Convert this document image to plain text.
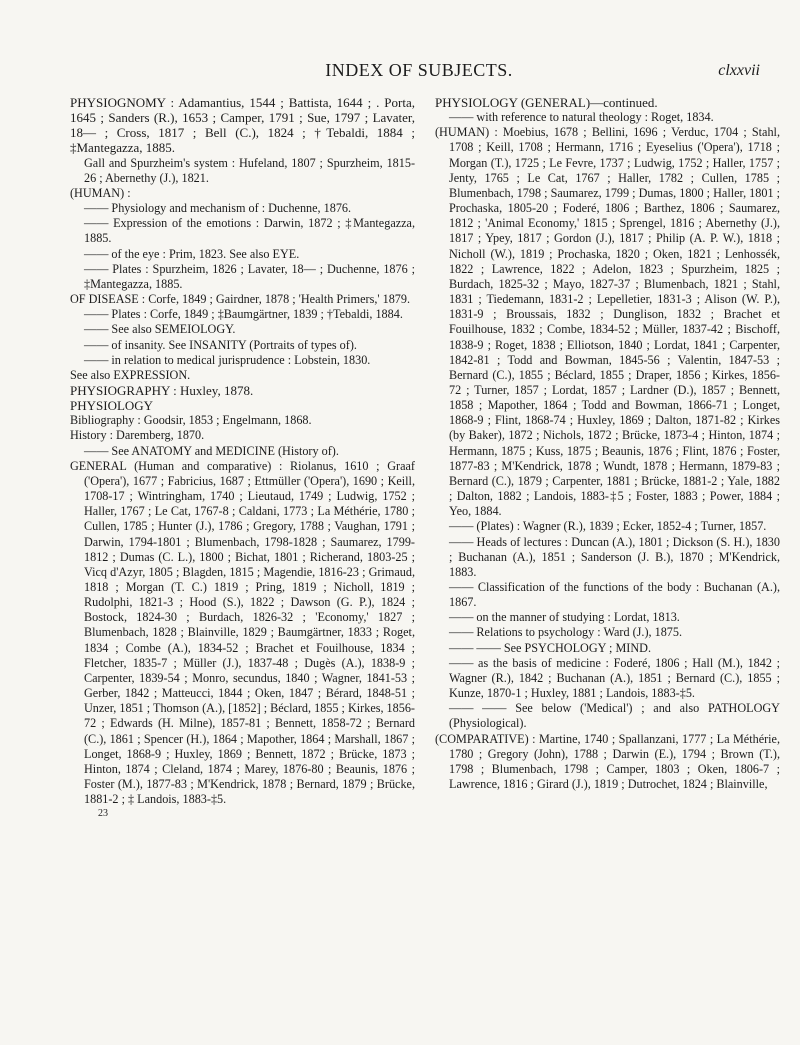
INDEX OF SUBJECTS.	clxxvii

PHYSIOGNOMY : Adamantius, 1544 ; Battista, 1644 ; . Porta, 1645 ; Sanders (R.), 1653 ; Camper, 1791 ; Sue, 1797 ; Lavater, 18— ; Cross, 1817 ; Bell (C.), 1824 ; †Tebaldi, 1884 ; ‡Mantegazza, 1885.

Gall and Spurzheim's system : Hufeland, 1807 ; Spurzheim, 1815-26 ; Abernethy (J.), 1821.

(HUMAN) :

—— Physiology and mechanism of : Duchenne, 1876.

—— Expression of the emotions : Darwin, 1872 ; ‡Mantegazza, 1885.

—— of the eye : Prim, 1823. See also EYE.

—— Plates : Spurzheim, 1826 ; Lavater, 18— ; Duchenne, 1876 ; ‡Mantegazza, 1885.

OF DISEASE : Corfe, 1849 ; Gairdner, 1878 ; 'Health Primers,' 1879.

—— Plates : Corfe, 1849 ; ‡Baumgärtner, 1839 ; †Tebaldi, 1884.

—— See also SEMEIOLOGY.

—— of insanity. See INSANITY (Portraits of types of).

—— in relation to medical jurisprudence : Lobstein, 1830.

See also EXPRESSION.

PHYSIOGRAPHY : Huxley, 1878.

PHYSIOLOGY

Bibliography : Goodsir, 1853 ; Engelmann, 1868.

History : Daremberg, 1870.

—— See ANATOMY and MEDICINE (History of).

GENERAL (Human and comparative) : Riolanus, 1610 ; Graaf ('Opera'), 1677 ; Fabricius, 1687 ; Ettmüller ('Opera'), 1690 ; Keill, 1708-17 ; Wintringham, 1740 ; Lieutaud, 1749 ; Ludwig, 1752 ; Haller, 1767 ; Le Cat, 1767-8 ; Caldani, 1773 ; La Méthérie, 1780 ; Cullen, 1785 ; Hunter (J.), 1786 ; Gregory, 1788 ; Vaughan, 1791 ; Darwin, 1794-1801 ; Blumenbach, 1798-1828 ; Saumarez, 1799-1812 ; Dumas (C. L.), 1800 ; Bichat, 1801 ; Richerand, 1803-25 ; Vicq d'Azyr, 1805 ; Blagden, 1815 ; Magendie, 1816-23 ; Grimaud, 1818 ; Morgan (T. C.) 1819 ; Pring, 1819 ; Nicholl, 1819 ; Rudolphi, 1821-3 ; Hood (S.), 1822 ; Dawson (G. P.), 1824 ; Bostock, 1824-30 ; Burdach, 1826-32 ; 'Economy,' 1827 ; Blumenbach, 1828 ; Blainville, 1829 ; Baumgärtner, 1833 ; Roget, 1834 ; Combe (A.), 1834-52 ; Brachet et Fouilhouse, 1834 ; Fletcher, 1835-7 ; Müller (J.), 1837-48 ; Dugès (A.), 1838-9 ; Carpenter, 1839-54 ; Monro, secundus, 1840 ; Wagner, 1841-53 ; Gerber, 1842 ; Matteucci, 1844 ; Oken, 1847 ; Bérard, 1848-51 ; Unzer, 1851 ; Thomson (A.), [1852] ; Béclard, 1855 ; Kirkes, 1856-72 ; Edwards (H. Milne), 1857-81 ; Bennett, 1858-72 ; Bernard (C.), 1861 ; Spencer (H.), 1864 ; Mapother, 1864 ; Marshall, 1867 ; Longet, 1868-9 ; Huxley, 1869 ; Bennett, 1872 ; Brücke, 1873 ; Hinton, 1874 ; Cleland, 1874 ; Marey, 1876-80 ; Beaunis, 1876 ; Foster (M.), 1877-83 ; M'Kendrick, 1878 ; Bernard, 1879 ; Brücke, 1881-2 ; ‡ Landois, 1883-‡5.

23

PHYSIOLOGY (GENERAL)—continued.

—— with reference to natural theology : Roget, 1834.

(HUMAN) : Moebius, 1678 ; Bellini, 1696 ; Verduc, 1704 ; Stahl, 1708 ; Keill, 1708 ; Hermann, 1716 ; Eyeselius ('Opera'), 1718 ; Morgan (T.), 1725 ; Le Fevre, 1737 ; Ludwig, 1752 ; Haller, 1757 ; Jenty, 1765 ; Le Cat, 1767 ; Haller, 1782 ; Cullen, 1785 ; Blumenbach, 1798 ; Saumarez, 1799 ; Dumas, 1800 ; Haller, 1801 ; Prochaska, 1805-20 ; Foderé, 1806 ; Barthez, 1806 ; Saumarez, 1812 ; 'Animal Economy,' 1815 ; Sprengel, 1816 ; Abernethy (J.), 1817 ; Ypey, 1817 ; Gordon (J.), 1817 ; Philip (A. P. W.), 1818 ; Nicholl (W.), 1819 ; Prochaska, 1820 ; Oken, 1821 ; Lenhossék, 1822 ; Lawrence, 1822 ; Adelon, 1823 ; Spurzheim, 1825 ; Burdach, 1825-32 ; Mayo, 1827-37 ; Blumenbach, 1821 ; Stahl, 1831 ; Tiedemann, 1831-2 ; Lepelletier, 1831-3 ; Alison (W. P.), 1831-9 ; Broussais, 1832 ; Dunglison, 1832 ; Brachet et Fouilhouse, 1832 ; Combe, 1834-52 ; Müller, 1837-42 ; Bischoff, 1838-9 ; Roget, 1838 ; Elliotson, 1840 ; Lordat, 1841 ; Carpenter, 1842-81 ; Todd and Bowman, 1845-56 ; Valentin, 1847-53 ; Bernard (C.), 1855 ; Béclard, 1855 ; Draper, 1856 ; Kirkes, 1856-72 ; Turner, 1857 ; Lordat, 1857 ; Lardner (D.), 1857 ; Bennett, 1858 ; Mapother, 1864 ; Todd and Bowman, 1866-71 ; Longet, 1868-9 ; Flint, 1868-74 ; Huxley, 1869 ; Dalton, 1871-82 ; Kirkes (by Baker), 1872 ; Nichols, 1872 ; Brücke, 1873-4 ; Hinton, 1874 ; Hermann, 1875 ; Kuss, 1875 ; Beaunis, 1876 ; Flint, 1876 ; Foster, 1877-83 ; M'Kendrick, 1878 ; Wundt, 1878 ; Hermann, 1879-83 ; Bernard (C.), 1879 ; Carpenter, 1881 ; Brücke, 1881-2 ; Yale, 1882 ; Dalton, 1882 ; Landois, 1883-‡5 ; Foster, 1883 ; Power, 1884 ; Yeo, 1884.

—— (Plates) : Wagner (R.), 1839 ; Ecker, 1852-4 ; Turner, 1857.

—— Heads of lectures : Duncan (A.), 1801 ; Dickson (S. H.), 1830 ; Buchanan (A.), 1851 ; Sanderson (J. B.), 1870 ; M'Kendrick, 1883.

—— Classification of the functions of the body : Buchanan (A.), 1867.

—— on the manner of studying : Lordat, 1813.

—— Relations to psychology : Ward (J.), 1875.

—— —— See PSYCHOLOGY ; MIND.

—— as the basis of medicine : Foderé, 1806 ; Hall (M.), 1842 ; Wagner (R.), 1842 ; Buchanan (A.), 1851 ; Bernard (C.), 1855 ; Kunze, 1870-1 ; Huxley, 1881 ; Landois, 1883-‡5.

—— —— See below ('Medical') ; and also PATHOLOGY (Physiological).

(COMPARATIVE) : Martine, 1740 ; Spallanzani, 1777 ; La Méthérie, 1780 ; Gregory (John), 1788 ; Darwin (E.), 1794 ; Brown (T.), 1798 ; Blumenbach, 1798 ; Camper, 1803 ; Oken, 1806-7 ; Lawrence, 1816 ; Girard (J.), 1819 ; Dutrochet, 1824 ; Blainville,
